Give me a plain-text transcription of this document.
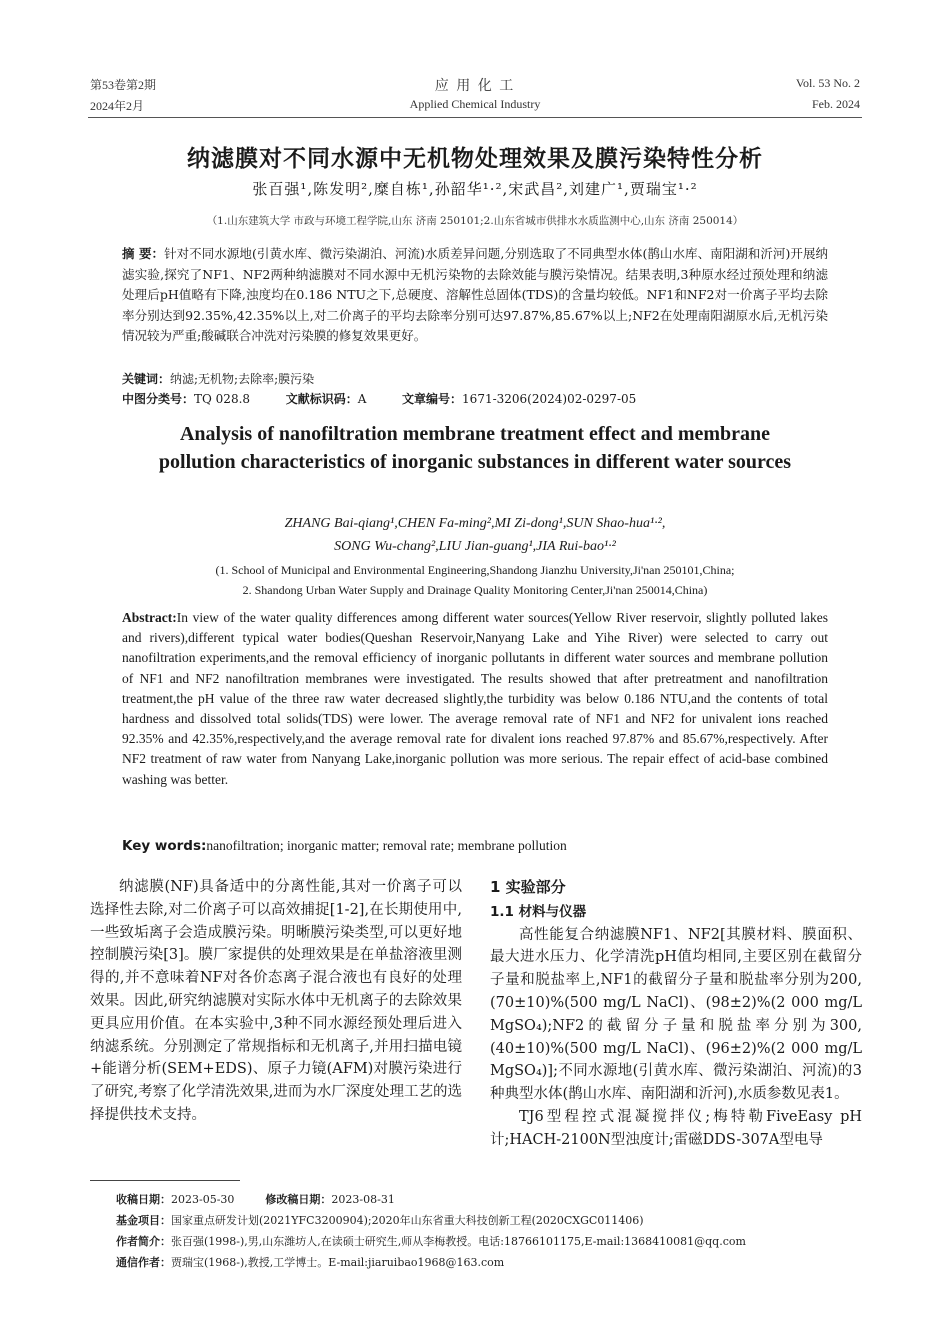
第53卷第2期
2024年2月
应 用 化 工
Applied Chemical Industry
Vol. 53 No. 2
Feb. 2024
纳滤膜对不同水源中无机物处理效果及膜污染特性分析
张百强¹,陈发明²,糜自栋¹,孙韶华¹·²,宋武昌²,刘建广¹,贾瑞宝¹·²
（1.山东建筑大学 市政与环境工程学院,山东 济南 250101;2.山东省城市供排水水质监测中心,山东 济南 250014）
摘 要：针对不同水源地(引黄水库、微污染湖泊、河流)水质差异问题,分别选取了不同典型水体(鹊山水库、南阳湖和沂河)开展纳滤实验,探究了NF1、NF2两种纳滤膜对不同水源中无机污染物的去除效能与膜污染情况。结果表明,3种原水经过预处理和纳滤处理后pH值略有下降,浊度均在0.186 NTU之下,总硬度、溶解性总固体(TDS)的含量均较低。NF1和NF2对一价离子平均去除率分别达到92.35%,42.35%以上,对二价离子的平均去除率分别可达97.87%,85.67%以上;NF2在处理南阳湖原水后,无机污染情况较为严重;酸碱联合冲洗对污染膜的修复效果更好。
关键词：纳滤;无机物;去除率;膜污染
中图分类号：TQ 028.8	文献标识码：A	文章编号：1671-3206(2024)02-0297-05
Analysis of nanofiltration membrane treatment effect and membrane pollution characteristics of inorganic substances in different water sources
ZHANG Bai-qiang¹,CHEN Fa-ming²,MI Zi-dong¹,SUN Shao-hua¹·²,
SONG Wu-chang²,LIU Jian-guang¹,JIA Rui-bao¹·²
(1. School of Municipal and Environmental Engineering,Shandong Jianzhu University,Ji'nan 250101,China;
2. Shandong Urban Water Supply and Drainage Quality Monitoring Center,Ji'nan 250014,China)
Abstract:In view of the water quality differences among different water sources(Yellow River reservoir, slightly polluted lakes and rivers),different typical water bodies(Queshan Reservoir,Nanyang Lake and Yihe River) were selected to carry out nanofiltration experiments,and the removal efficiency of inorganic pollutants in different water sources and membrane pollution of NF1 and NF2 nanofiltration membranes were investigated. The results showed that after pretreatment and nanofiltration treatment,the pH value of the three raw water decreased slightly,the turbidity was below 0.186 NTU,and the contents of total hardness and dissolved total solids(TDS) were lower. The average removal rate of NF1 and NF2 for univalent ions reached 92.35% and 42.35%,respectively,and the average removal rate for divalent ions reached 97.87% and 85.67%,respectively. After NF2 treatment of raw water from Nanyang Lake,inorganic pollution was more serious. The repair effect of acid-base combined washing was better.
Key words:nanofiltration; inorganic matter; removal rate; membrane pollution

纳滤膜(NF)具备适中的分离性能,其对一价离子可以选择性去除,对二价离子可以高效捕捉[1-2],在长期使用中,一些致垢离子会造成膜污染。明晰膜污染类型,可以更好地控制膜污染[3]。膜厂家提供的处理效果是在单盐溶液里测得的,并不意味着NF对各价态离子混合液也有良好的处理效果。因此,研究纳滤膜对实际水体中无机离子的去除效果更具应用价值。在本实验中,3种不同水源经预处理后进入纳滤系统。分别测定了常规指标和无机离子,并用扫描电镜+能谱分析(SEM+EDS)、原子力镜(AFM)对膜污染进行了研究,考察了化学清洗效果,进而为水厂深度处理工艺的选择提供技术支持。

1 实验部分
1.1 材料与仪器

高性能复合纳滤膜NF1、NF2[其膜材料、膜面积、最大进水压力、化学清洗pH值均相同,主要区别在截留分子量和脱盐率上,NF1的截留分子量和脱盐率分别为200,(70±10)%(500 mg/L NaCl)、(98±2)%(2 000 mg/L MgSO₄);NF2的截留分子量和脱盐率分别为300,(40±10)%(500 mg/L NaCl)、(96±2)%(2 000 mg/L MgSO₄)];不同水源地(引黄水库、微污染湖泊、河流)的3种典型水体(鹊山水库、南阳湖和沂河),水质参数见表1。

TJ6型程控式混凝搅拌仪;梅特勒FiveEasy pH计;HACH-2100N型浊度计;雷磁DDS-307A型电导

收稿日期：2023-05-30	修改稿日期：2023-08-31
基金项目：国家重点研发计划(2021YFC3200904);2020年山东省重大科技创新工程(2020CXGC011406)
作者简介：张百强(1998-),男,山东潍坊人,在读硕士研究生,师从李梅教授。电话:18766101175,E-mail:1368410081@qq.com
通信作者：贾瑞宝(1968-),教授,工学博士。E-mail:jiaruibao1968@163.com
